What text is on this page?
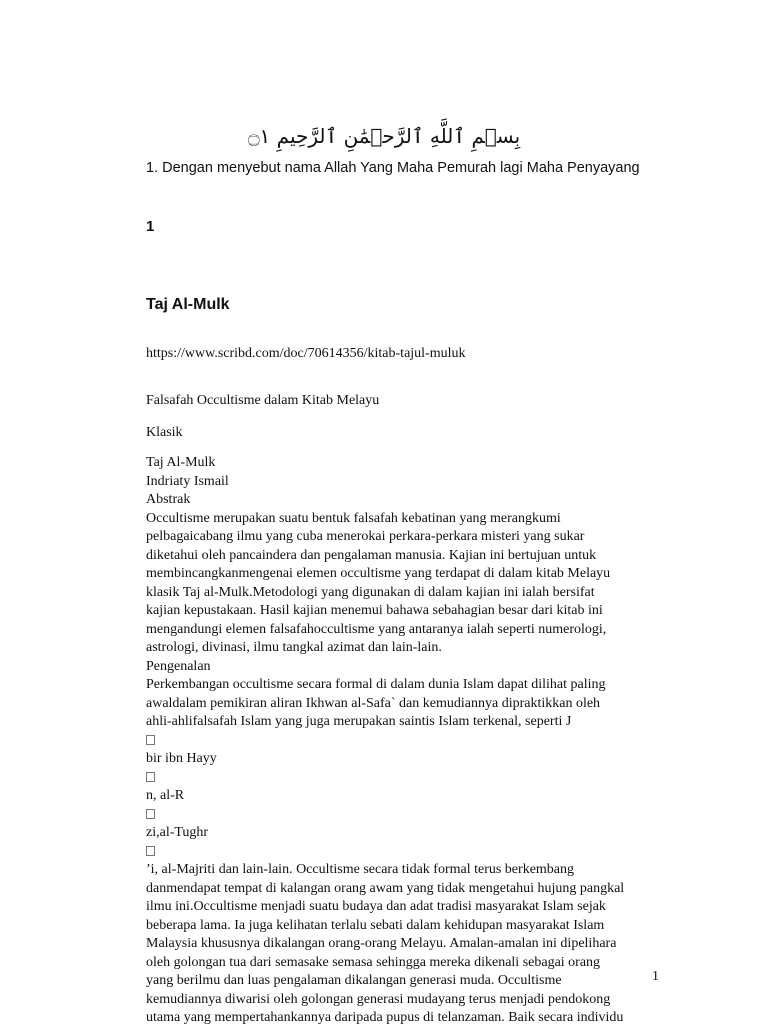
بِسۡمِ ٱللَّهِ ٱلرَّحۡمَٰنِ ٱلرَّحِيمِ ۝١
1. Dengan menyebut nama Allah Yang Maha Pemurah lagi Maha Penyayang
1
Taj Al-Mulk
https://www.scribd.com/doc/70614356/kitab-tajul-muluk
Falsafah Occultisme dalam Kitab Melayu
Klasik
Taj Al-Mulk
Indriaty Ismail
Abstrak
Occultisme merupakan suatu bentuk falsafah kebatinan yang merangkumi
pelbagaicabang ilmu yang cuba menerokai perkara-perkara misteri yang sukar
diketahui oleh pancaindera dan pengalaman manusia. Kajian ini bertujuan untuk
membincangkanmengenai elemen occultisme yang terdapat di dalam kitab Melayu
klasik Taj al-Mulk.Metodologi yang digunakan di dalam kajian ini ialah bersifat
kajian kepustakaan. Hasil kajian menemui bahawa sebahagian besar dari kitab ini
mengandungi elemen falsafahoccultisme yang antaranya ialah seperti numerologi,
astrologi, divinasi, ilmu tangkal azimat dan lain-lain.
Pengenalan
Perkembangan occultisme secara formal di dalam dunia Islam dapat dilihat paling
awaldalam pemikiran aliran Ikhwan al-Safa` dan kemudiannya dipraktikkan oleh
ahli-ahlifalsafah Islam yang juga merupakan saintis Islam terkenal, seperti J
bir ibn Hayy
n, al-R
zi,al-Tughr
’i, al-Majriti dan lain-lain. Occultisme secara tidak formal terus berkembang
danmendapat tempat di kalangan orang awam yang tidak mengetahui hujung pangkal
ilmu ini.Occultisme menjadi suatu budaya dan adat tradisi masyarakat Islam sejak
beberapa lama. Ia juga kelihatan terlalu sebati dalam kehidupan masyarakat Islam
Malaysia khususnya dikalangan orang-orang Melayu. Amalan-amalan ini dipelihara
oleh golongan tua dari semasake semasa sehingga mereka dikenali sebagai orang
yang berilmu dan luas pengalaman dikalangan generasi muda. Occultisme
kemudiannya diwarisi oleh golongan generasi mudayang terus menjadi pendokong
utama yang mempertahankannya daripada pupus di telanzaman. Baik secara individu
1
